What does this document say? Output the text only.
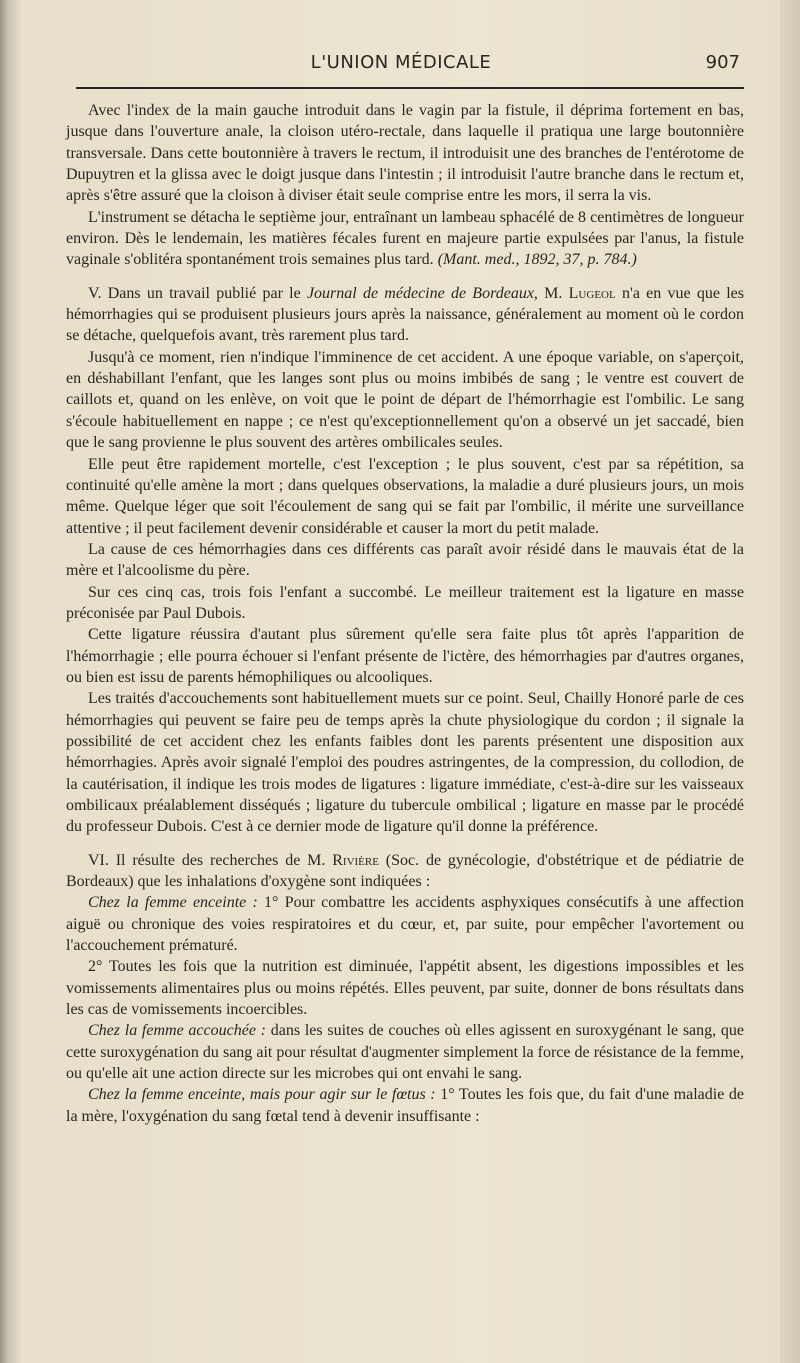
L'UNION MÉDICALE	907

Avec l'index de la main gauche introduit dans le vagin par la fistule, il déprima fortement en bas, jusque dans l'ouverture anale, la cloison utéro-rectale, dans laquelle il pratiqua une large boutonnière transversale. Dans cette boutonnière à travers le rectum, il introduisit une des branches de l'entérotome de Dupuytren et la glissa avec le doigt jusque dans l'intestin ; il introduisit l'autre branche dans le rectum et, après s'être assuré que la cloison à diviser était seule comprise entre les mors, il serra la vis.

L'instrument se détacha le septième jour, entraînant un lambeau sphacélé de 8 centimètres de longueur environ. Dès le lendemain, les matières fécales furent en majeure partie expulsées par l'anus, la fistule vaginale s'oblitéra spontanément trois semaines plus tard. (Mant. med., 1892, 37, p. 784.)

V. Dans un travail publié par le Journal de médecine de Bordeaux, M. Lugeol n'a en vue que les hémorrhagies qui se produisent plusieurs jours après la naissance, généralement au moment où le cordon se détache, quelquefois avant, très rarement plus tard.

Jusqu'à ce moment, rien n'indique l'imminence de cet accident. A une époque variable, on s'aperçoit, en déshabillant l'enfant, que les langes sont plus ou moins imbibés de sang ; le ventre est couvert de caillots et, quand on les enlève, on voit que le point de départ de l'hémorrhagie est l'ombilic. Le sang s'écoule habituellement en nappe ; ce n'est qu'exceptionnellement qu'on a observé un jet saccadé, bien que le sang provienne le plus souvent des artères ombilicales seules.

Elle peut être rapidement mortelle, c'est l'exception ; le plus souvent, c'est par sa répétition, sa continuité qu'elle amène la mort ; dans quelques observations, la maladie a duré plusieurs jours, un mois même. Quelque léger que soit l'écoulement de sang qui se fait par l'ombilic, il mérite une surveillance attentive ; il peut facilement devenir considérable et causer la mort du petit malade.

La cause de ces hémorrhagies dans ces différents cas paraît avoir résidé dans le mauvais état de la mère et l'alcoolisme du père.

Sur ces cinq cas, trois fois l'enfant a succombé. Le meilleur traitement est la ligature en masse préconisée par Paul Dubois.

Cette ligature réussira d'autant plus sûrement qu'elle sera faite plus tôt après l'apparition de l'hémorrhagie ; elle pourra échouer si l'enfant présente de l'ictère, des hémorrhagies par d'autres organes, ou bien est issu de parents hémophiliques ou alcooliques.

Les traités d'accouchements sont habituellement muets sur ce point. Seul, Chailly Honoré parle de ces hémorrhagies qui peuvent se faire peu de temps après la chute physiologique du cordon ; il signale la possibilité de cet accident chez les enfants faibles dont les parents présentent une disposition aux hémorrhagies. Après avoir signalé l'emploi des poudres astringentes, de la compression, du collodion, de la cautérisation, il indique les trois modes de ligatures : ligature immédiate, c'est-à-dire sur les vaisseaux ombilicaux préalablement disséqués ; ligature du tubercule ombilical ; ligature en masse par le procédé du professeur Dubois. C'est à ce dernier mode de ligature qu'il donne la préférence.

VI. Il résulte des recherches de M. Rivière (Soc. de gynécologie, d'obstétrique et de pédiatrie de Bordeaux) que les inhalations d'oxygène sont indiquées :

Chez la femme enceinte : 1° Pour combattre les accidents asphyxiques consécutifs à une affection aiguë ou chronique des voies respiratoires et du cœur, et, par suite, pour empêcher l'avortement ou l'accouchement prématuré.

2° Toutes les fois que la nutrition est diminuée, l'appétit absent, les digestions impossibles et les vomissements alimentaires plus ou moins répétés. Elles peuvent, par suite, donner de bons résultats dans les cas de vomissements incoercibles.

Chez la femme accouchée : dans les suites de couches où elles agissent en suroxygénant le sang, que cette suroxygénation du sang ait pour résultat d'augmenter simplement la force de résistance de la femme, ou qu'elle ait une action directe sur les microbes qui ont envahi le sang.

Chez la femme enceinte, mais pour agir sur le fœtus : 1° Toutes les fois que, du fait d'une maladie de la mère, l'oxygénation du sang fœtal tend à devenir insuffisante :
